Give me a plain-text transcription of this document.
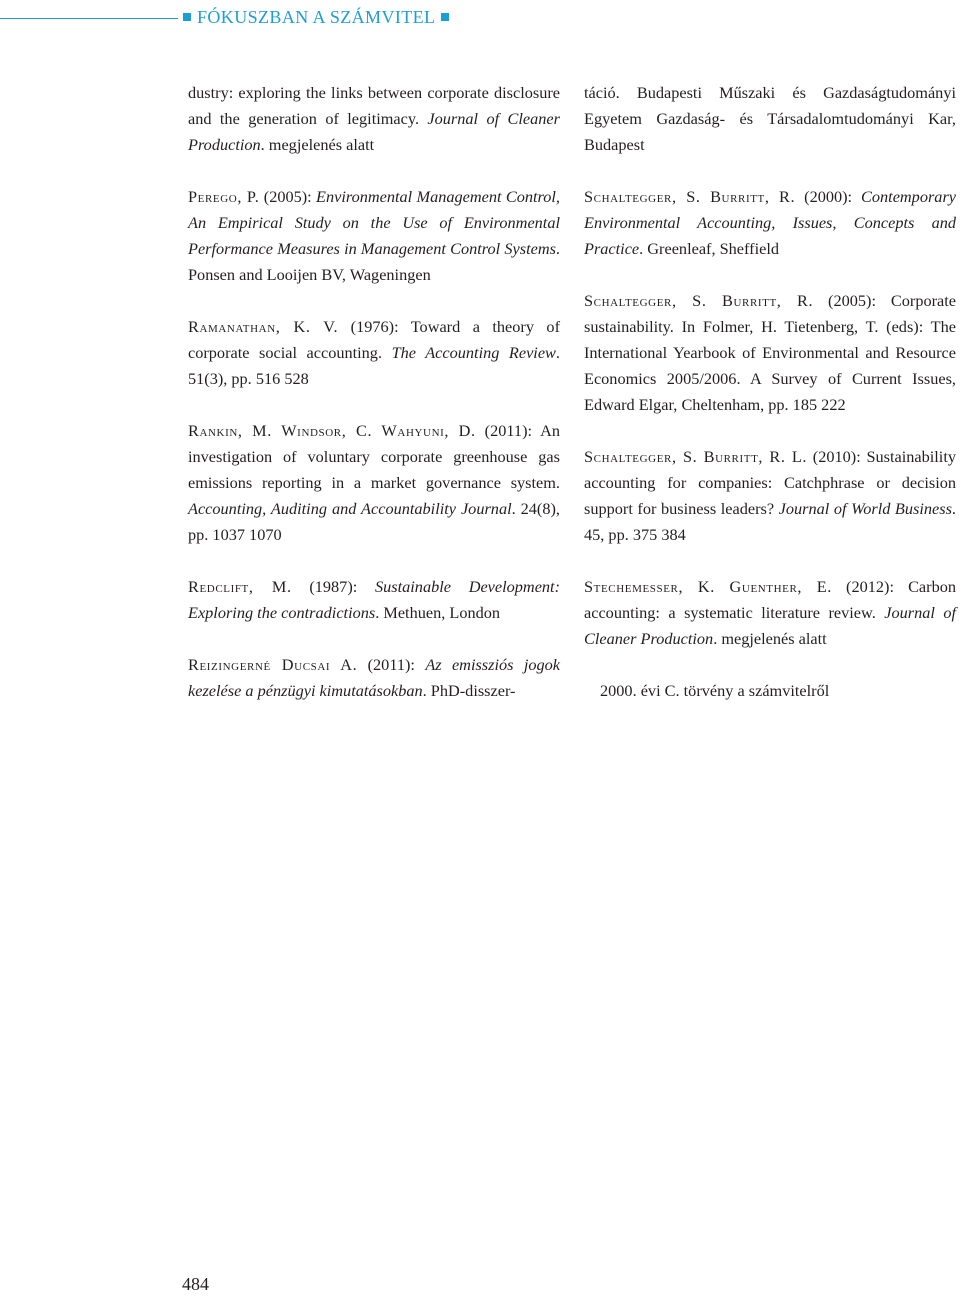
FÓKUSZBAN A SZÁMVITEL

dustry: exploring the links between corporate disclosure and the generation of legitimacy. Journal of Cleaner Production. megjelenés alatt

Perego, P. (2005): Environmental Management Control, An Empirical Study on the Use of Environmental Performance Measures in Management Control Systems. Ponsen and Looijen BV, Wageningen

Ramanathan, K. V. (1976): Toward a theory of corporate social accounting. The Accounting Review. 51(3), pp. 516 528

Rankin, M. Windsor, C. Wahyuni, D. (2011): An investigation of voluntary corporate greenhouse gas emissions reporting in a market governance system. Accounting, Auditing and Accountability Journal. 24(8), pp. 1037 1070

Redclift, M. (1987): Sustainable Development: Exploring the contradictions. Methuen, London

Reizingerné Ducsai A. (2011): Az emissziós jogok kezelése a pénzügyi kimutatásokban. PhD-disszer-

táció. Budapesti Műszaki és Gazdaságtudományi Egyetem Gazdaság- és Társadalomtudományi Kar, Budapest

Schaltegger, S. Burritt, R. (2000): Contemporary Environmental Accounting, Issues, Concepts and Practice. Greenleaf, Sheffield

Schaltegger, S. Burritt, R. (2005): Corporate sustainability. In Folmer, H. Tietenberg, T. (eds): The International Yearbook of Environmental and Resource Economics 2005/2006. A Survey of Current Issues, Edward Elgar, Cheltenham, pp. 185 222

Schaltegger, S. Burritt, R. L. (2010): Sustainability accounting for companies: Catchphrase or decision support for business leaders? Journal of World Business. 45, pp. 375 384

Stechemesser, K. Guenther, E. (2012): Carbon accounting: a systematic literature review. Journal of Cleaner Production. megjelenés alatt

2000. évi C. törvény a számvitelről

484
